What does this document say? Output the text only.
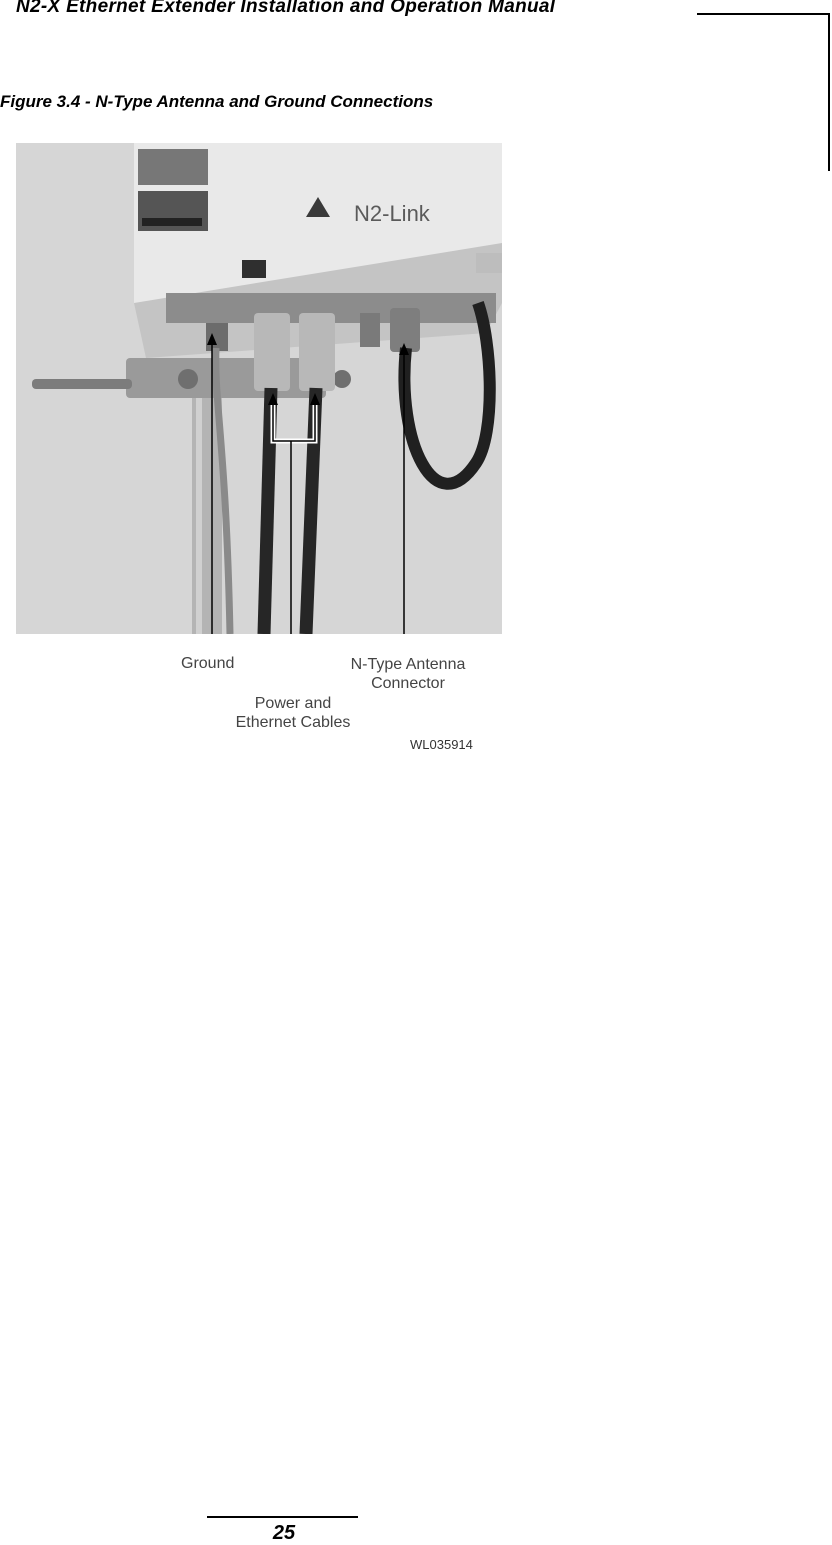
N2-X Ethernet Extender Installation and Operation Manual
Figure 3.4 - N-Type Antenna and Ground Connections
N2-Link
Ground	N-Type Antenna
Connector
Power and
Ethernet Cables
WL035914
25
